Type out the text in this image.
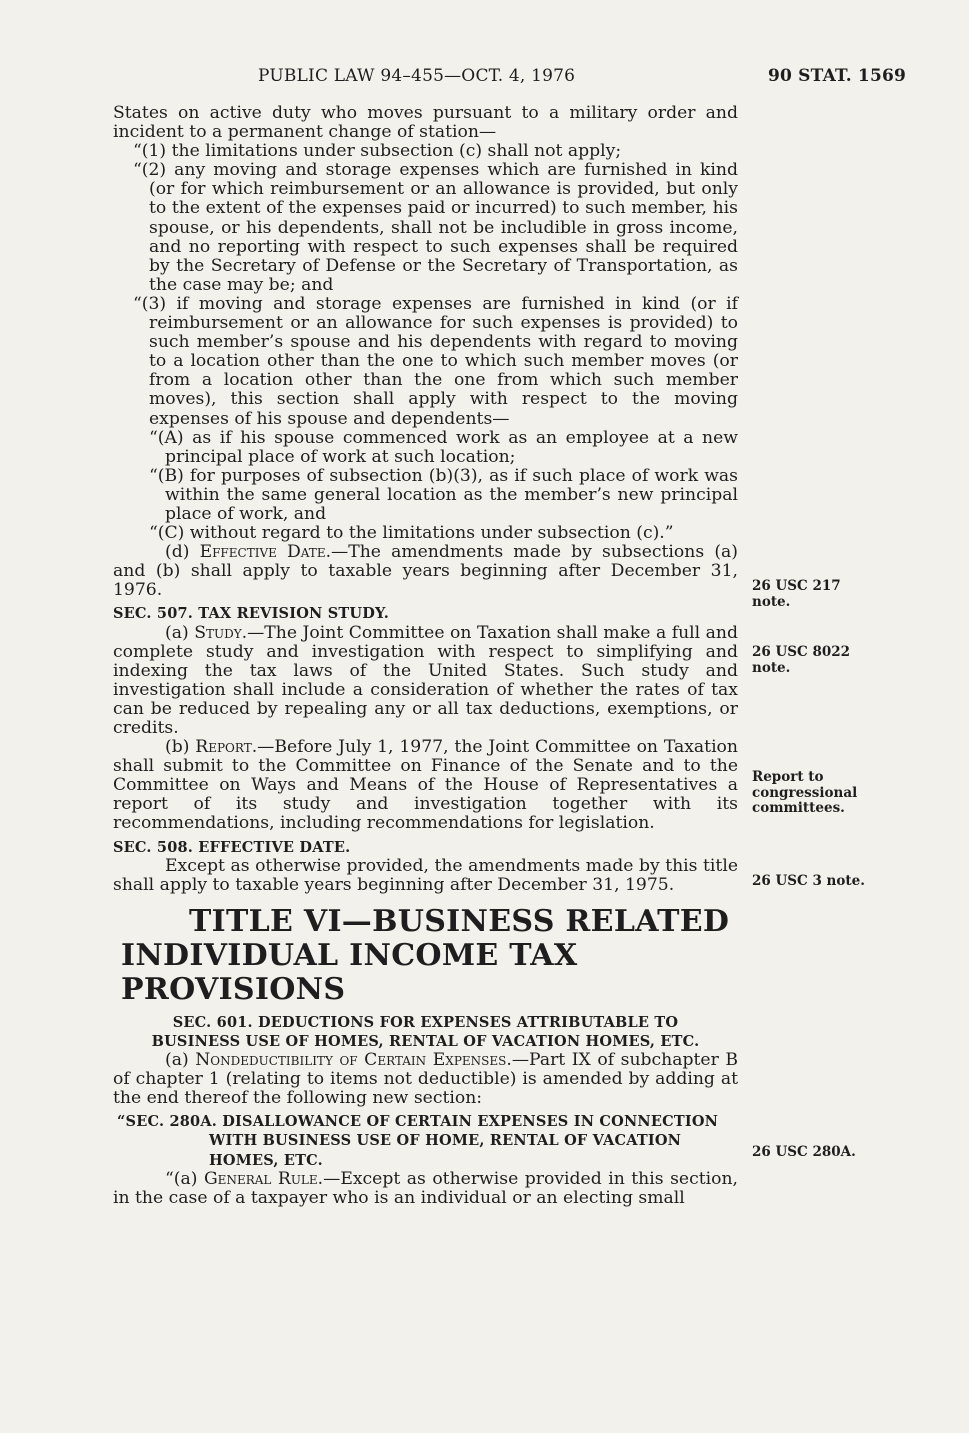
PUBLIC LAW 94–455—OCT. 4, 1976	90 STAT. 1569

States on active duty who moves pursuant to a military order and incident to a permanent change of station—

“(1) the limitations under subsection (c) shall not apply;

“(2) any moving and storage expenses which are furnished in kind (or for which reimbursement or an allowance is provided, but only to the extent of the expenses paid or incurred) to such member, his spouse, or his dependents, shall not be includible in gross income, and no reporting with respect to such expenses shall be required by the Secretary of Defense or the Secretary of Transportation, as the case may be; and

“(3) if moving and storage expenses are furnished in kind (or if reimbursement or an allowance for such expenses is provided) to such member’s spouse and his dependents with regard to moving to a location other than the one to which such member moves (or from a location other than the one from which such member moves), this section shall apply with respect to the moving expenses of his spouse and dependents—

“(A) as if his spouse commenced work as an employee at a new principal place of work at such location;

“(B) for purposes of subsection (b)(3), as if such place of work was within the same general location as the member’s new principal place of work, and

“(C) without regard to the limitations under subsection (c).”

(d) Effective Date.—The amendments made by subsections (a) and (b) shall apply to taxable years beginning after December 31, 1976.

SEC. 507. TAX REVISION STUDY.

(a) Study.—The Joint Committee on Taxation shall make a full and complete study and investigation with respect to simplifying and indexing the tax laws of the United States. Such study and investigation shall include a consideration of whether the rates of tax can be reduced by repealing any or all tax deductions, exemptions, or credits.

(b) Report.—Before July 1, 1977, the Joint Committee on Taxation shall submit to the Committee on Finance of the Senate and to the Committee on Ways and Means of the House of Representatives a report of its study and investigation together with its recommendations, including recommendations for legislation.

SEC. 508. EFFECTIVE DATE.

Except as otherwise provided, the amendments made by this title shall apply to taxable years beginning after December 31, 1975.

TITLE VI—BUSINESS RELATED
INDIVIDUAL INCOME TAX PROVISIONS

SEC. 601. DEDUCTIONS FOR EXPENSES ATTRIBUTABLE TO BUSINESS USE OF HOMES, RENTAL OF VACATION HOMES, ETC.

(a) Nondeductibility of Certain Expenses.—Part IX of subchapter B of chapter 1 (relating to items not deductible) is amended by adding at the end thereof the following new section:

“SEC. 280A. DISALLOWANCE OF CERTAIN EXPENSES IN CONNECTION WITH BUSINESS USE OF HOME, RENTAL OF VACATION HOMES, ETC.

“(a) General Rule.—Except as otherwise provided in this section, in the case of a taxpayer who is an individual or an electing small

26 USC 217 note.
26 USC 8022 note.
Report to congressional committees.
26 USC 3 note.
26 USC 280A.
